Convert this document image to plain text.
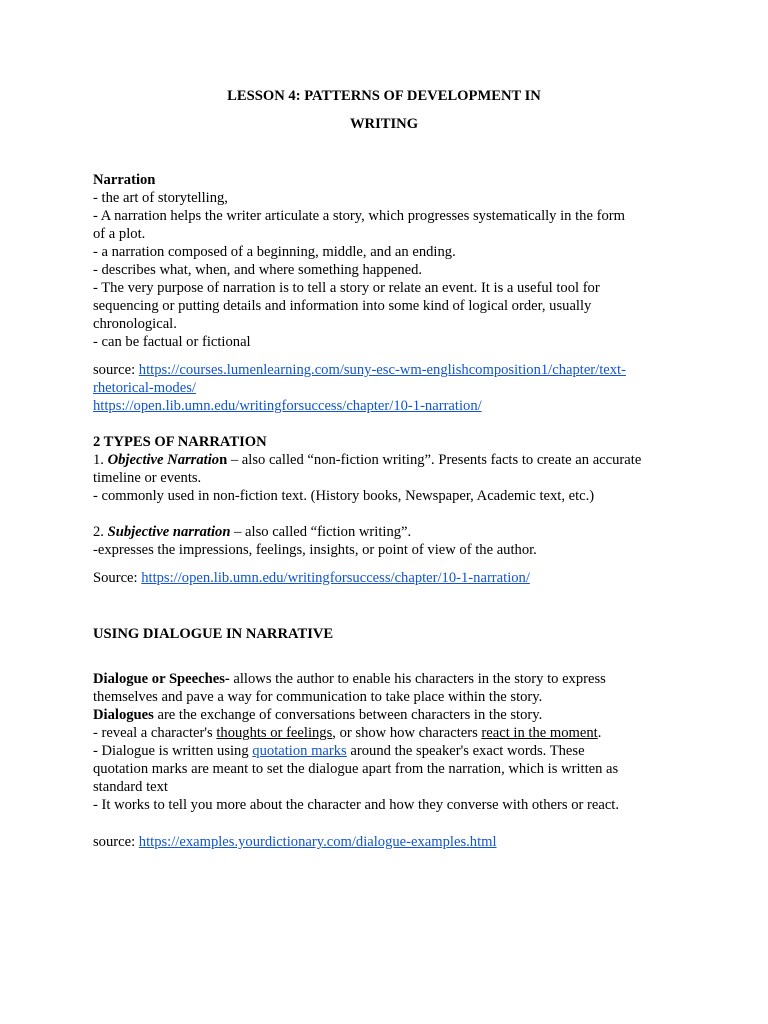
LESSON 4: PATTERNS OF DEVELOPMENT IN
WRITING
Narration
- the art of storytelling,
- A narration helps the writer articulate a story, which progresses systematically in the form
of a plot.
- a narration composed of a beginning, middle, and an ending.
- describes what, when, and where something happened.
- The very purpose of narration is to tell a story or relate an event. It is a useful tool for
sequencing or putting details and information into some kind of logical order, usually
chronological.
- can be factual or fictional
source: https://courses.lumenlearning.com/suny-esc-wm-englishcomposition1/chapter/text-
rhetorical-modes/
https://open.lib.umn.edu/writingforsuccess/chapter/10-1-narration/
2 TYPES OF NARRATION
1. Objective Narration – also called “non-fiction writing”. Presents facts to create an accurate
timeline or events.
- commonly used in non-fiction text. (History books, Newspaper, Academic text, etc.)
2. Subjective narration – also called “fiction writing”.
-expresses the impressions, feelings, insights, or point of view of the author.
Source: https://open.lib.umn.edu/writingforsuccess/chapter/10-1-narration/
USING DIALOGUE IN NARRATIVE
Dialogue or Speeches- allows the author to enable his characters in the story to express
themselves and pave a way for communication to take place within the story.
Dialogues are the exchange of conversations between characters in the story.
- reveal a character's thoughts or feelings, or show how characters react in the moment.
- Dialogue is written using quotation marks around the speaker's exact words. These
quotation marks are meant to set the dialogue apart from the narration, which is written as
standard text
- It works to tell you more about the character and how they converse with others or react.
source: https://examples.yourdictionary.com/dialogue-examples.html
